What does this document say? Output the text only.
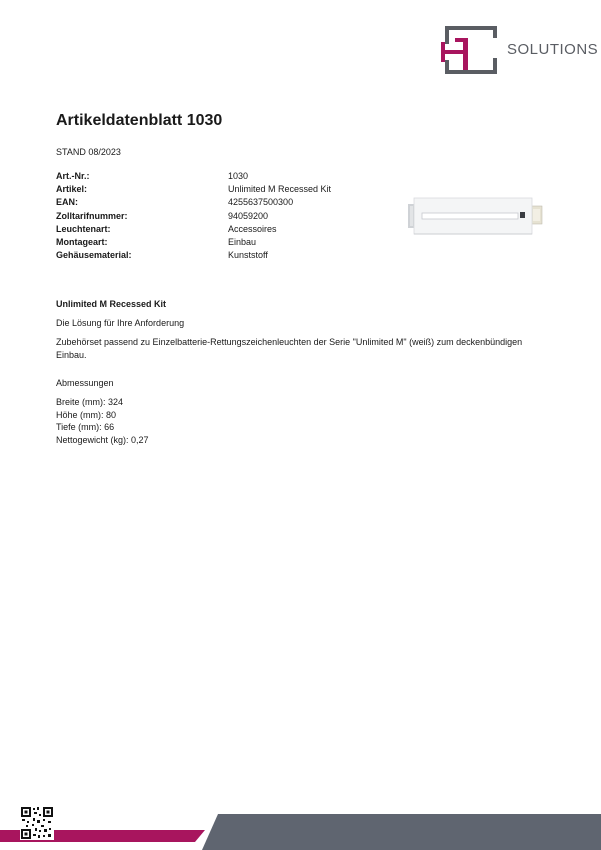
SOLUTIONS
Artikeldatenblatt 1030
STAND 08/2023
Art.-Nr.:	1030
Artikel:	Unlimited M Recessed Kit
EAN:	4255637500300
Zolltarifnummer:	94059200
Leuchtenart:	Accessoires
Montageart:	Einbau
Gehäusematerial:	Kunststoff
Unlimited M Recessed Kit
Die Lösung für Ihre Anforderung
Zubehörset passend zu Einzelbatterie-Rettungszeichenleuchten der Serie "Unlimited M" (weiß) zum deckenbündigen
Einbau.
Abmessungen
Breite (mm): 324
Höhe (mm): 80
Tiefe (mm): 66
Nettogewicht (kg): 0,27
